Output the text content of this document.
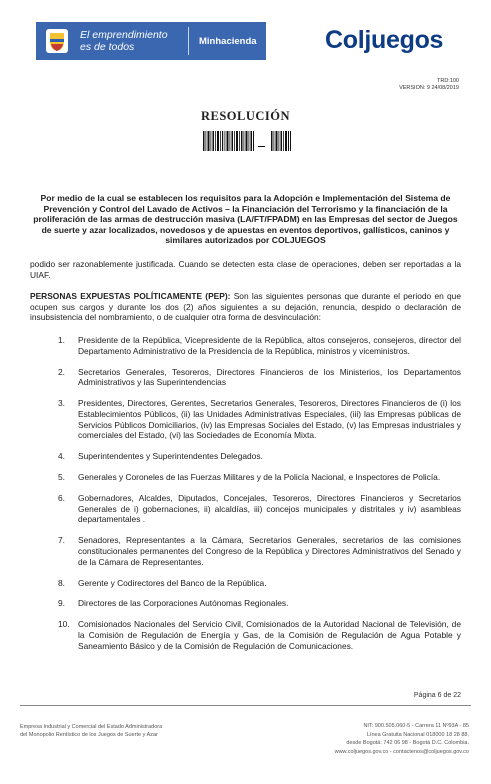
El emprendimiento
es de todos	Minhacienda	Coljuegos
TRD:100
VERSION: 9 24/08/2019
RESOLUCIÓN
Por medio de la cual se establecen los requisitos para la Adopción e Implementación del Sistema de Prevención y Control del Lavado de Activos – la Financiación del Terrorismo y la financiación de la proliferación de las armas de destrucción masiva (LA/FT/FPADM) en las Empresas del sector de Juegos de suerte y azar localizados, novedosos y de apuestas en eventos deportivos, gallísticos, caninos y similares autorizados por COLJUEGOS
podido ser razonablemente justificada. Cuando se detecten esta clase de operaciones, deben ser reportadas a la UIAF.
PERSONAS EXPUESTAS POLÍTICAMENTE (PEP): Son las siguientes personas que durante el periodo en que ocupen sus cargos y durante los dos (2) años siguientes a su dejación, renuncia, despido o declaración de insubsistencia del nombramiento, o de cualquier otra forma de desvinculación:
1. Presidente de la República, Vicepresidente de la República, altos consejeros, consejeros, director del Departamento Administrativo de la Presidencia de la República, ministros y viceministros.
2. Secretarios Generales, Tesoreros, Directores Financieros de los Ministerios, los Departamentos Administrativos y las Superintendencias
3. Presidentes, Directores, Gerentes, Secretarios Generales, Tesoreros, Directores Financieros de (i) los Establecimientos Públicos, (ii) las Unidades Administrativas Especiales, (iii) las Empresas públicas de Servicios Públicos Domiciliarios, (iv) las Empresas Sociales del Estado, (v) las Empresas industriales y comerciales del Estado, (vi) las Sociedades de Economía Mixta.
4. Superintendentes y Superintendentes Delegados.
5. Generales y Coroneles de las Fuerzas Militares y de la Policía Nacional, e Inspectores de Policía.
6. Gobernadores, Alcaldes, Diputados, Concejales, Tesoreros, Directores Financieros y Secretarios Generales de i) gobernaciones, ii) alcaldías, iii) concejos municipales y distritales y iv) asambleas departamentales .
7. Senadores, Representantes a la Cámara, Secretarios Generales, secretarios de las comisiones constitucionales permanentes del Congreso de la República y Directores Administrativos del Senado y de la Cámara de Representantes.
8. Gerente y Codirectores del Banco de la República.
9. Directores de las Corporaciones Autónomas Regionales.
10. Comisionados Nacionales del Servicio Civil, Comisionados de la Autoridad Nacional de Televisión, de la Comisión de Regulación de Energía y Gas, de la Comisión de Regulación de Agua Potable y Saneamiento Básico y de la Comisión de Regulación de Comunicaciones.
Página 6 de 22
Empresa Industrial y Comercial del Estado Administradora
del Monopolio Rentístico de los Juegos de Suerte y Azar
NIT: 900.505.060-5 - Carrera 11 Nº93A - 85
Línea Gratuita Nacional 018000 18 28 88,
desde Bogotá: 742 06 98 - Bogotá D.C. Colombia.
www.coljuegos.gov.co - contactenos@coljuegos.gov.co
